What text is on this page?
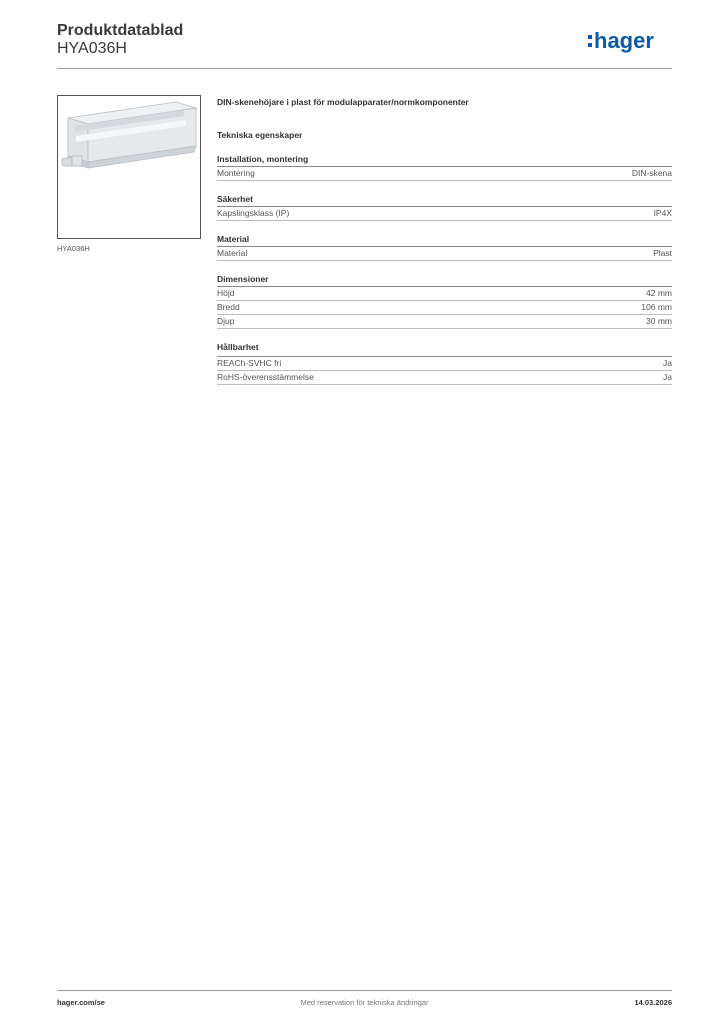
Produktdatablad
HYA036H	hager
HYA036H
DIN-skenehöjare i plast för modulapparater/normkomponenter
Tekniska egenskaper
Installation, montering
Montering	DIN-skena
Säkerhet
Kapslingsklass (IP)	IP4X
Material
Material	Plast
Dimensioner
Höjd	42 mm
Bredd	106 mm
Djup	30 mm
Hållbarhet
REACh-SVHC fri	Ja
RoHS-överensstämmelse	Ja
hager.com/se	Med reservation för tekniska ändringar	14.03.2026
